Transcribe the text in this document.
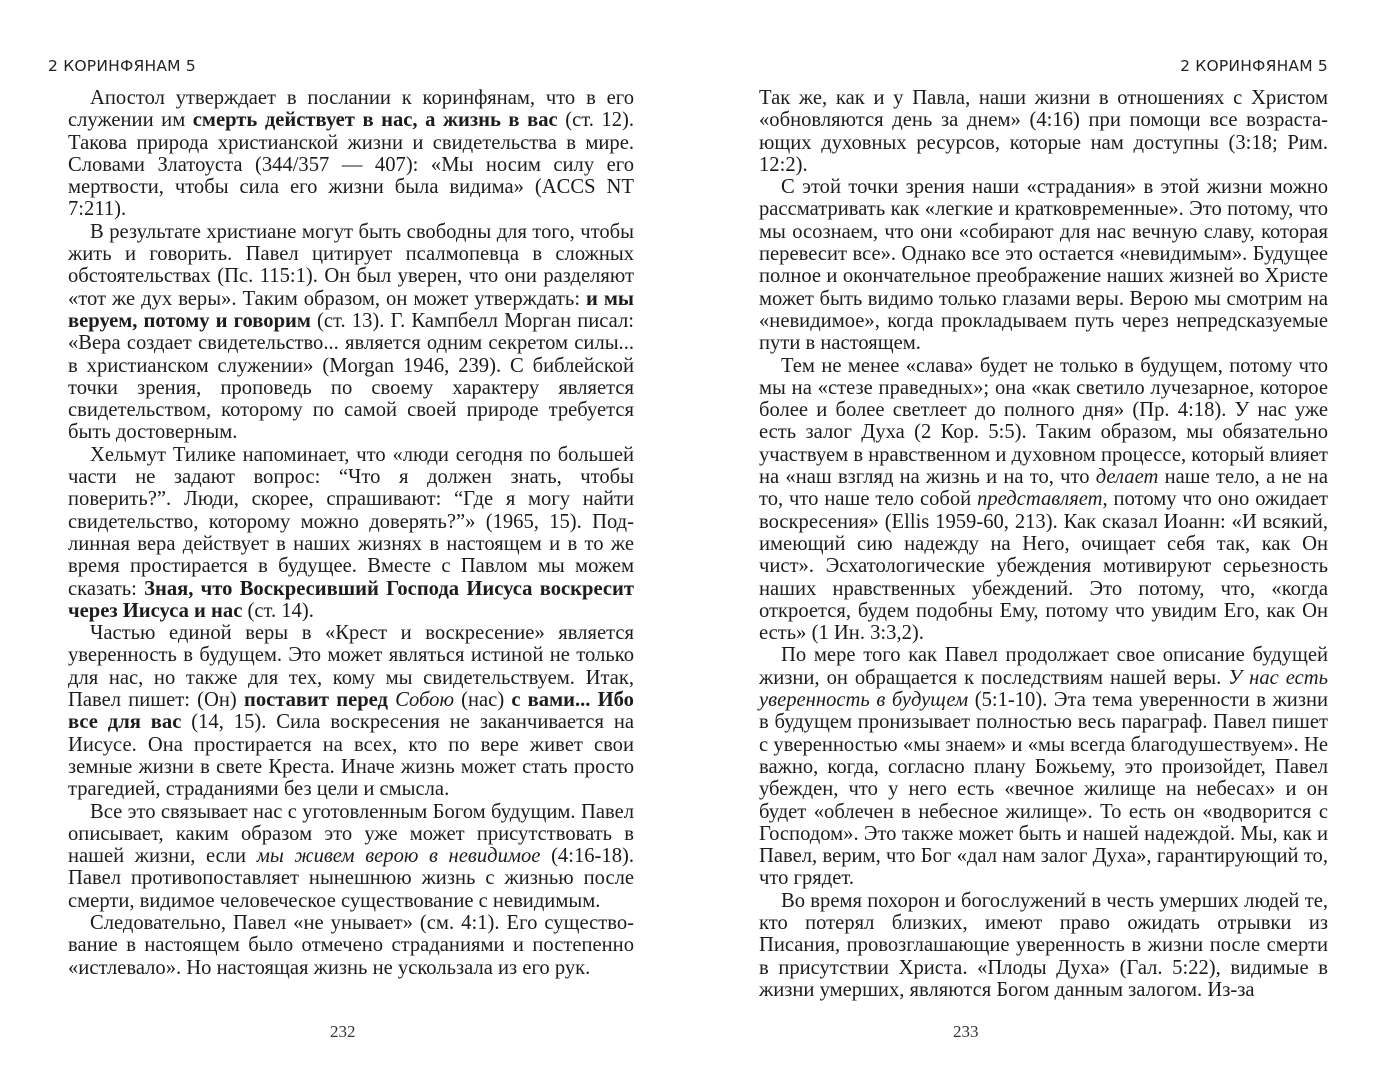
2 КОРИНФЯНАМ 5

Апостол утверждает в послании к коринфянам, что в его служении им смерть действует в нас, а жизнь в вас (ст. 12). Такова природа христианской жизни и свидетельства в мире. Словами Златоуста (344/357 — 407): «Мы носим силу его мертвости, чтобы сила его жизни была видима» (ACCS NT 7:211).

В результате христиане могут быть свободны для того, чтобы жить и говорить. Павел цитирует псалмопевца в сложных обстоятельствах (Пс. 115:1). Он был уверен, что они разделяют «тот же дух веры». Таким образом, он может утверждать: и мы веруем, потому и говорим (ст. 13). Г. Кампбелл Морган писал: «Вера создает свидетельство... является одним секретом силы... в христианском служении» (Morgan 1946, 239). С библейской точки зрения, проповедь по своему характеру является свидетельством, которому по самой своей природе требуется быть достоверным.

Хельмут Тилике напоминает, что «люди сегодня по большей части не задают вопрос: “Что я должен знать, чтобы поверить?”. Люди, скорее, спрашивают: “Где я могу найти свидетельство, которому можно доверять?”» (1965, 15). Подлинная вера действует в наших жизнях в настоящем и в то же время простирается в будущее. Вместе с Павлом мы можем сказать: Зная, что Воскресивший Господа Иисуса воскресит через Иисуса и нас (ст. 14).

Частью единой веры в «Крест и воскресение» является уверенность в будущем. Это может являться истиной не только для нас, но также для тех, кому мы свидетельствуем. Итак, Павел пишет: (Он) поставит перед Собою (нас) с вами... Ибо все для вас (14, 15). Сила воскресения не заканчивается на Иисусе. Она простирается на всех, кто по вере живет свои земные жизни в свете Креста. Иначе жизнь может стать просто трагедией, страданиями без цели и смысла.

Все это связывает нас с уготовленным Богом будущим. Павел описывает, каким образом это уже может присутствовать в нашей жизни, если мы живем верою в невидимое (4:16-18). Павел противопоставляет нынешнюю жизнь с жизнью после смерти, видимое человеческое существование с невидимым.

Следовательно, Павел «не унывает» (см. 4:1). Его существование в настоящем было отмечено страданиями и постепенно «истлевало». Но настоящая жизнь не ускользала из его рук.

232
2 КОРИНФЯНАМ 5

Так же, как и у Павла, наши жизни в отношениях с Христом «обновляются день за днем» (4:16) при помощи все возрастающих духовных ресурсов, которые нам доступны (3:18; Рим. 12:2).

С этой точки зрения наши «страдания» в этой жизни можно рассматривать как «легкие и кратковременные». Это потому, что мы осознаем, что они «собирают для нас вечную славу, которая перевесит все». Однако все это остается «невидимым». Будущее полное и окончательное преображение наших жизней во Христе может быть видимо только глазами веры. Верою мы смотрим на «невидимое», когда прокладываем путь через непредсказуемые пути в настоящем.

Тем не менее «слава» будет не только в будущем, потому что мы на «стезе праведных»; она «как светило лучезарное, которое более и более светлеет до полного дня» (Пр. 4:18). У нас уже есть залог Духа (2 Кор. 5:5). Таким образом, мы обязательно участвуем в нравственном и духовном процессе, который влияет на «наш взгляд на жизнь и на то, что делает наше тело, а не на то, что наше тело собой представляет, потому что оно ожидает воскресения» (Ellis 1959-60, 213). Как сказал Иоанн: «И всякий, имеющий сию надежду на Него, очищает себя так, как Он чист». Эсхатологические убеждения мотивируют серьезность наших нравственных убеждений. Это потому, что, «когда откроется, будем подобны Ему, потому что увидим Его, как Он есть» (1 Ин. 3:3,2).

По мере того как Павел продолжает свое описание будущей жизни, он обращается к последствиям нашей веры. У нас есть уверенность в будущем (5:1-10). Эта тема уверенности в жизни в будущем пронизывает полностью весь параграф. Павел пишет с уверенностью «мы знаем» и «мы всегда благодушествуем». Не важно, когда, согласно плану Божьему, это произойдет, Павел убежден, что у него есть «вечное жилище на небесах» и он будет «облечен в небесное жилище». То есть он «водворится с Господом». Это также может быть и нашей надеждой. Мы, как и Павел, верим, что Бог «дал нам залог Духа», гарантирующий то, что грядет.

Во время похорон и богослужений в честь умерших людей те, кто потерял близких, имеют право ожидать отрывки из Писания, провозглашающие уверенность в жизни после смерти в присутствии Христа. «Плоды Духа» (Гал. 5:22), видимые в жизни умерших, являются Богом данным залогом. Из-за

233
